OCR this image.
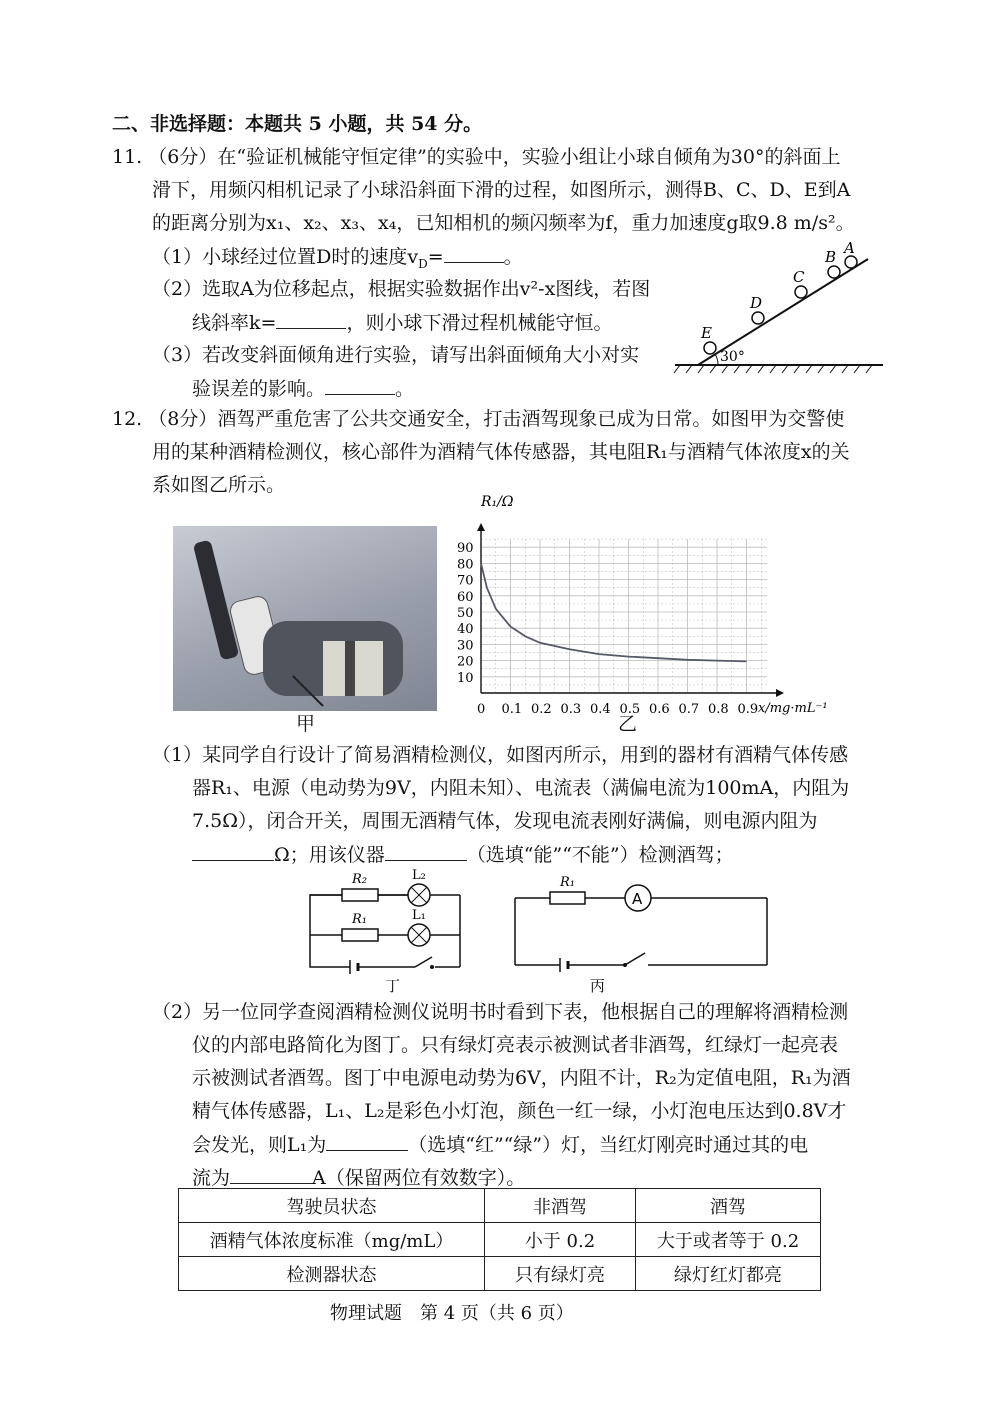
二、非选择题：本题共 5 小题，共 54 分。
11. （6分）在“验证机械能守恒定律”的实验中，实验小组让小球自倾角为30°的斜面上
滑下，用频闪相机记录了小球沿斜面下滑的过程，如图所示，测得B、C、D、E到A
的距离分别为x₁、x₂、x₃、x₄，已知相机的频闪频率为f，重力加速度g取9.8 m/s²。
（1）小球经过位置D时的速度$v_D=$	。
（2）选取A为位移起点，根据实验数据作出v²-x图线，若图
线斜率k=	，则小球下滑过程机械能守恒。
（3）若改变斜面倾角进行实验，请写出斜面倾角大小对实
验误差的影响。	。
30°
E
D
C
B A
12. （8分）酒驾严重危害了公共交通安全，打击酒驾现象已成为日常。如图甲为交警使
用的某种酒精检测仪，核心部件为酒精气体传感器，其电阻R₁与酒精气体浓度x的关
系如图乙所示。
甲
0 0.1 0.2 0.3 0.4 0.5 0.6 0.7 0.8 0.9
10
20
30
40
50
60
70
80
90
R₁/Ω
x/mg·mL⁻¹
乙
（1）某同学自行设计了简易酒精检测仪，如图丙所示，用到的器材有酒精气体传感
器R₁、电源（电动势为9V，内阻未知）、电流表（满偏电流为100mA，内阻为
7.5Ω），闭合开关，周围无酒精气体，发现电流表刚好满偏，则电源内阻为
Ω；用该仪器	（选填“能”“不能”）检测酒驾；
R₂
R₁
L₂
L₁
丁
A
R₁
丙
（2）另一位同学查阅酒精检测仪说明书时看到下表，他根据自己的理解将酒精检测
仪的内部电路简化为图丁。只有绿灯亮表示被测试者非酒驾，红绿灯一起亮表
示被测试者酒驾。图丁中电源电动势为6V，内阻不计，R₂为定值电阻，R₁为酒
精气体传感器，L₁、L₂是彩色小灯泡，颜色一红一绿，小灯泡电压达到0.8V才
会发光，则L₁为	（选填“红”“绿”）灯，当红灯刚亮时通过其的电
流为	A（保留两位有效数字）。
驾驶员状态	非酒驾	酒驾
酒精气体浓度标准（mg/mL）	小于 0.2	大于或者等于 0.2
检测器状态	只有绿灯亮	绿灯红灯都亮
物理试题　第 4 页（共 6 页）
